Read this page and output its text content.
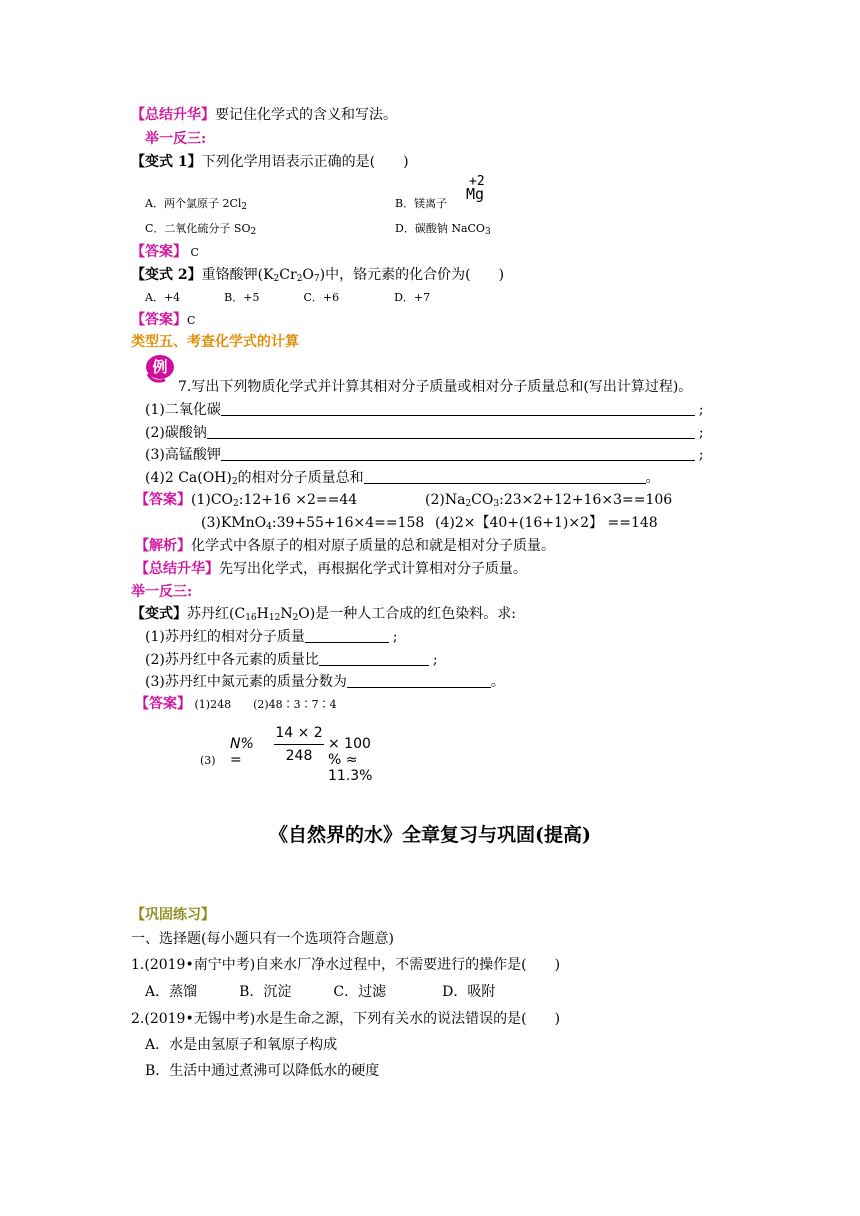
【总结升华】要记住化学式的含义和写法。
举一反三:
【变式 1】下列化学用语表示正确的是(　　)
A．两个氯原子 $2Cl_2$	B．镁离子
+2
Mg
C．二氧化硫分子 $SO_2$	D．碳酸钠 NaCO$_3$
【答案】 C
【变式 2】重铬酸钾$(K_2Cr_2O_7)$中，铬元素的化合价为(　　)
A．+4　　　　B．+5　　　　C．+6　　　　　D．+7
【答案】C
类型五、考查化学式的计算
例
7.写出下列物质化学式并计算其相对分子质量或相对分子质量总和(写出计算过程)。
(1)二氧化碳	;
(2)碳酸钠	;
(3)高锰酸钾	;
(4)2 $Ca(OH)_2$的相对分子质量总和	。
【答案】$(1)CO_2:12+16 \times 2==44$	$(2)Na_2CO_3:23\times 2+12+16\times 3==106$
(3)KMnO$_4$:39+55+16×4==158 (4)2×【40+(16+1)×2】 ==148
【解析】化学式中各原子的相对原子质量的总和就是相对分子质量。
【总结升华】先写出化学式，再根据化学式计算相对分子质量。
举一反三:
【变式】苏丹红$(C_{16}H_{12}N_2O)$是一种人工合成的红色染料。求:
(1)苏丹红的相对分子质量	;
(2)苏丹红中各元素的质量比	;
(3)苏丹红中氮元素的质量分数为	。
【答案】 (1)248　　(2)48∶3∶7∶4
(3)
N% =
14 × 2
248
× 100 % ≈ 11.3%
《自然界的水》全章复习与巩固(提高)
【巩固练习】
一、选择题(每小题只有一个选项符合题意)
1.(2019•南宁中考)自来水厂净水过程中，不需要进行的操作是(　　)
A．蒸馏　　　B．沉淀　　　C．过滤　　　　D．吸附
2.(2019•无锡中考)水是生命之源，下列有关水的说法错误的是(　　)
A．水是由氢原子和氧原子构成
B．生活中通过煮沸可以降低水的硬度
